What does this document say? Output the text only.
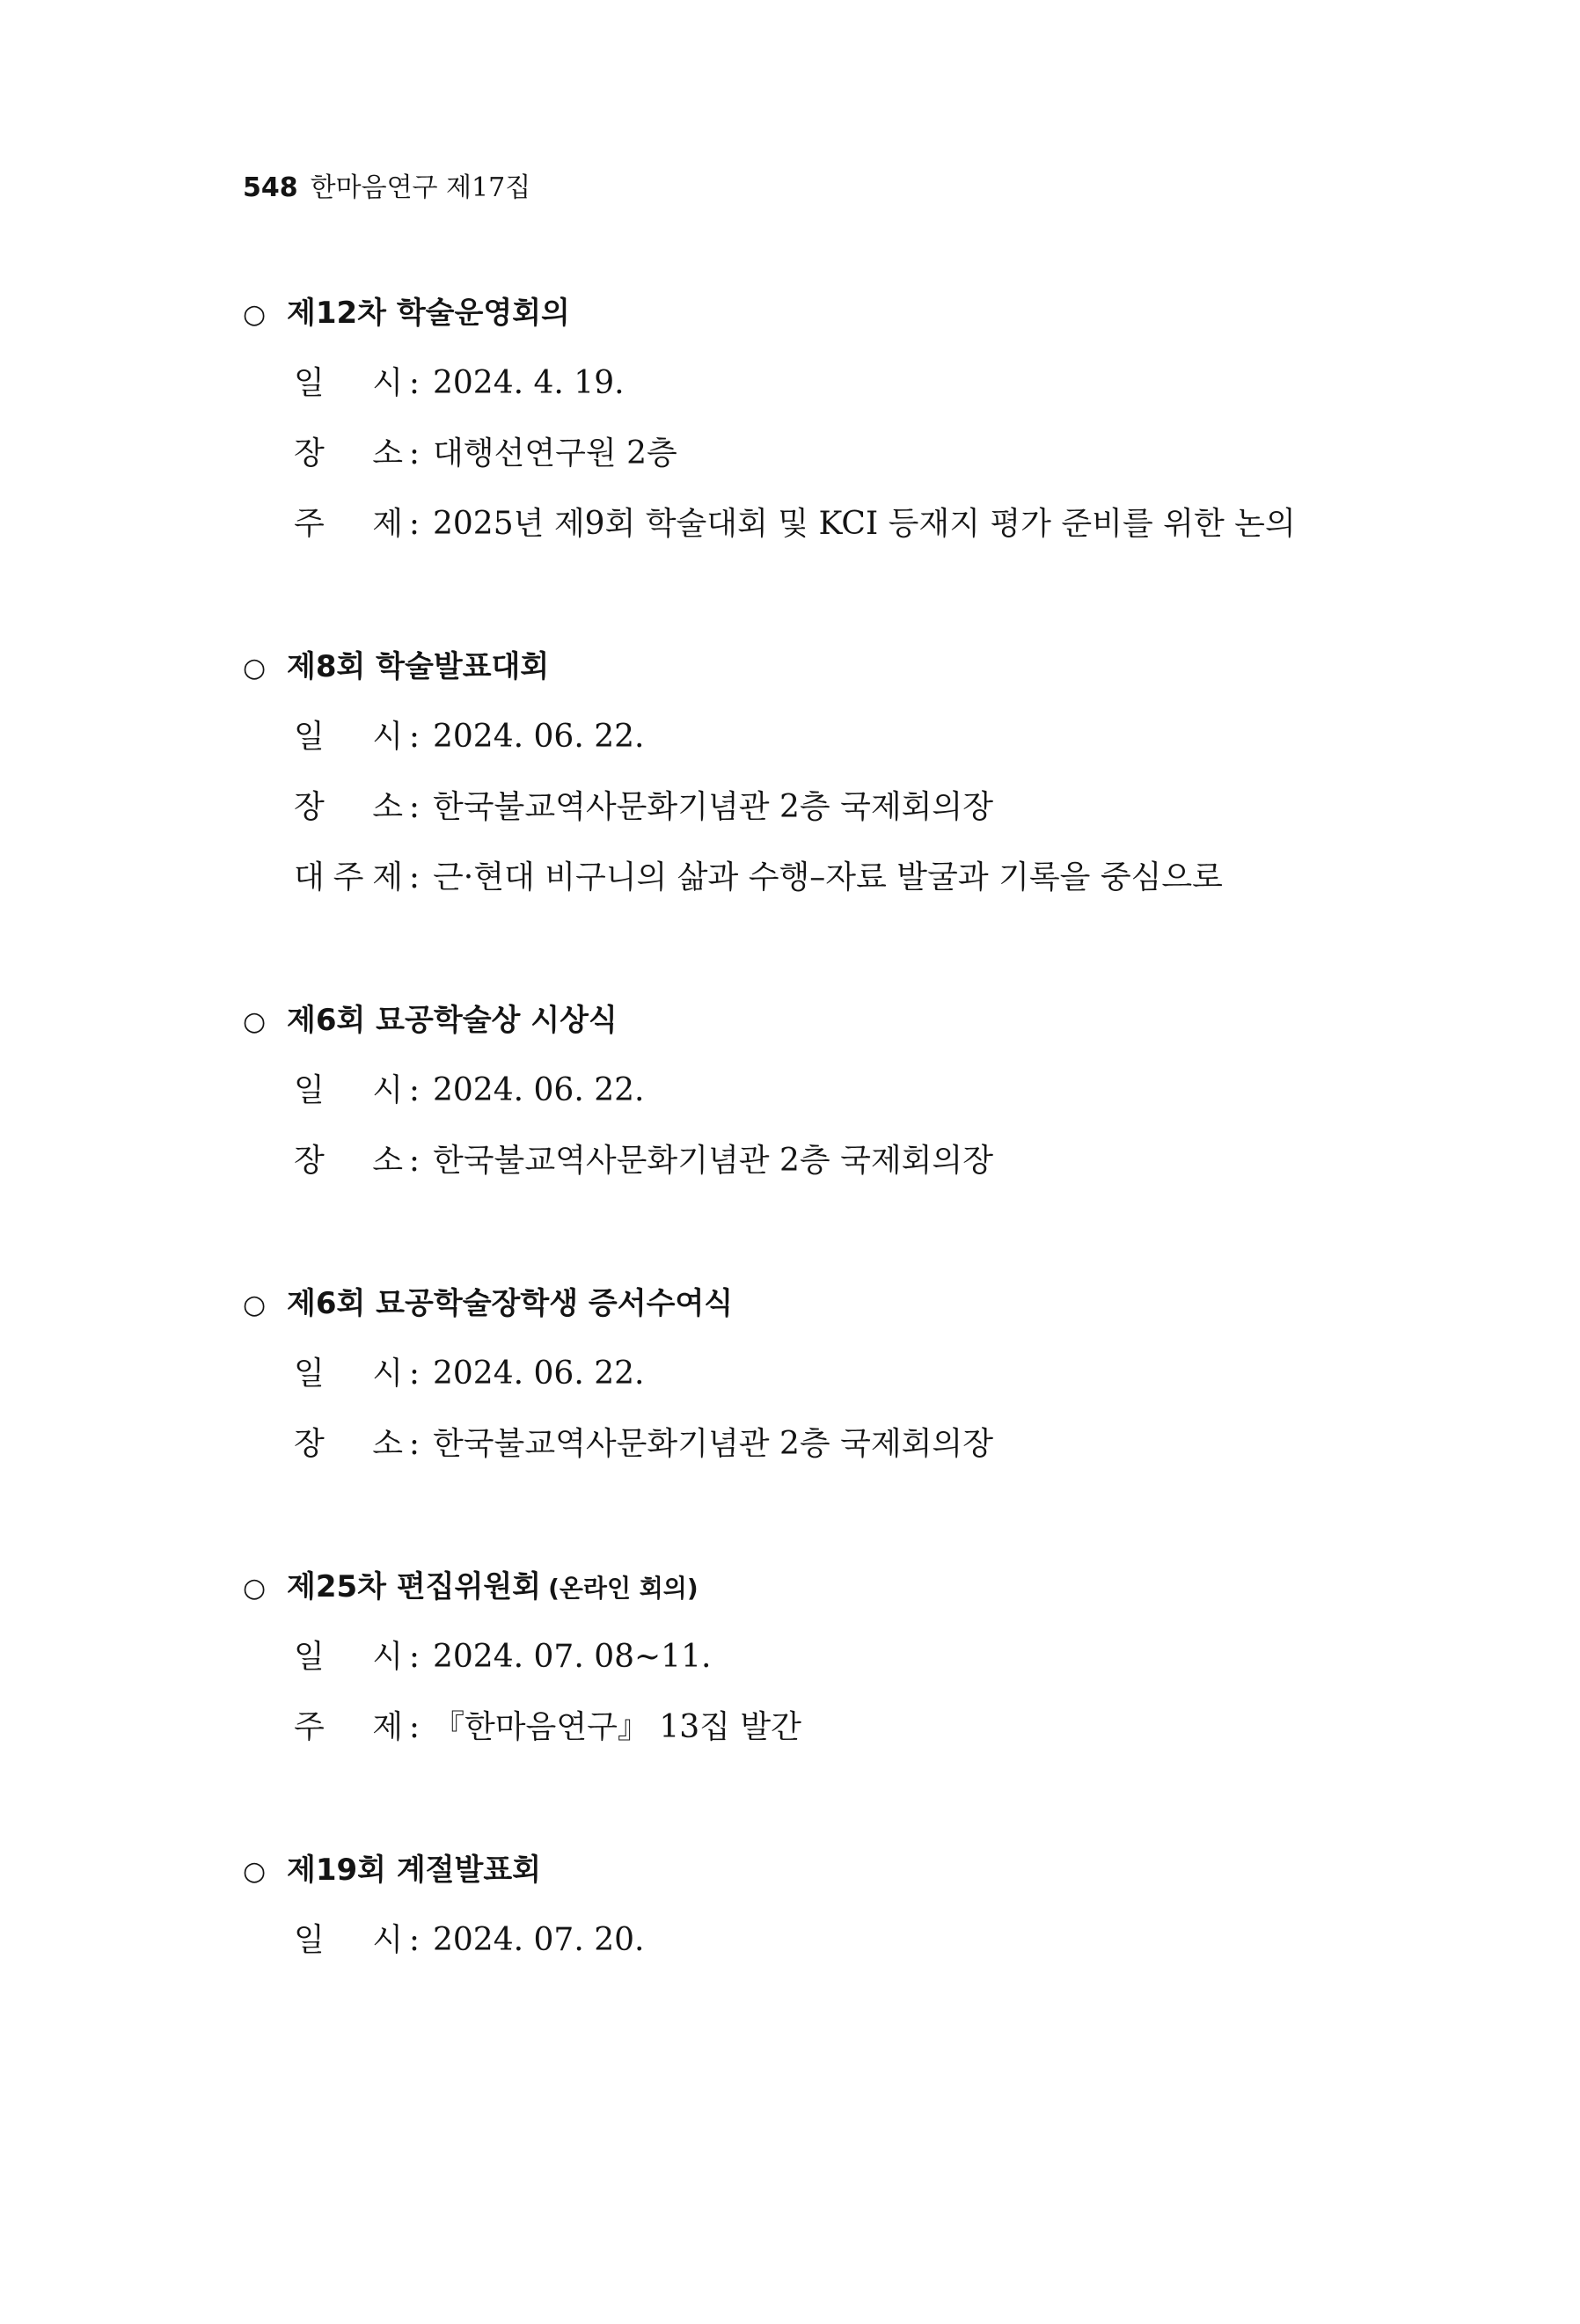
548 한마음연구 제17집
○ 제12차 학술운영회의
일 시 : 2024. 4. 19.
장 소 : 대행선연구원 2층
주 제 : 2025년 제9회 학술대회 및 KCI 등재지 평가 준비를 위한 논의
○ 제8회 학술발표대회
일 시 : 2024. 06. 22.
장 소 : 한국불교역사문화기념관 2층 국제회의장
대 주 제 : 근·현대 비구니의 삶과 수행–자료 발굴과 기록을 중심으로
○ 제6회 묘공학술상 시상식
일 시 : 2024. 06. 22.
장 소 : 한국불교역사문화기념관 2층 국제회의장
○ 제6회 묘공학술장학생 증서수여식
일 시 : 2024. 06. 22.
장 소 : 한국불교역사문화기념관 2층 국제회의장
○ 제25차 편집위원회 (온라인 회의)
일 시 : 2024. 07. 08~11.
주 제 : 『한마음연구』 13집 발간
○ 제19회 계절발표회
일 시 : 2024. 07. 20.
